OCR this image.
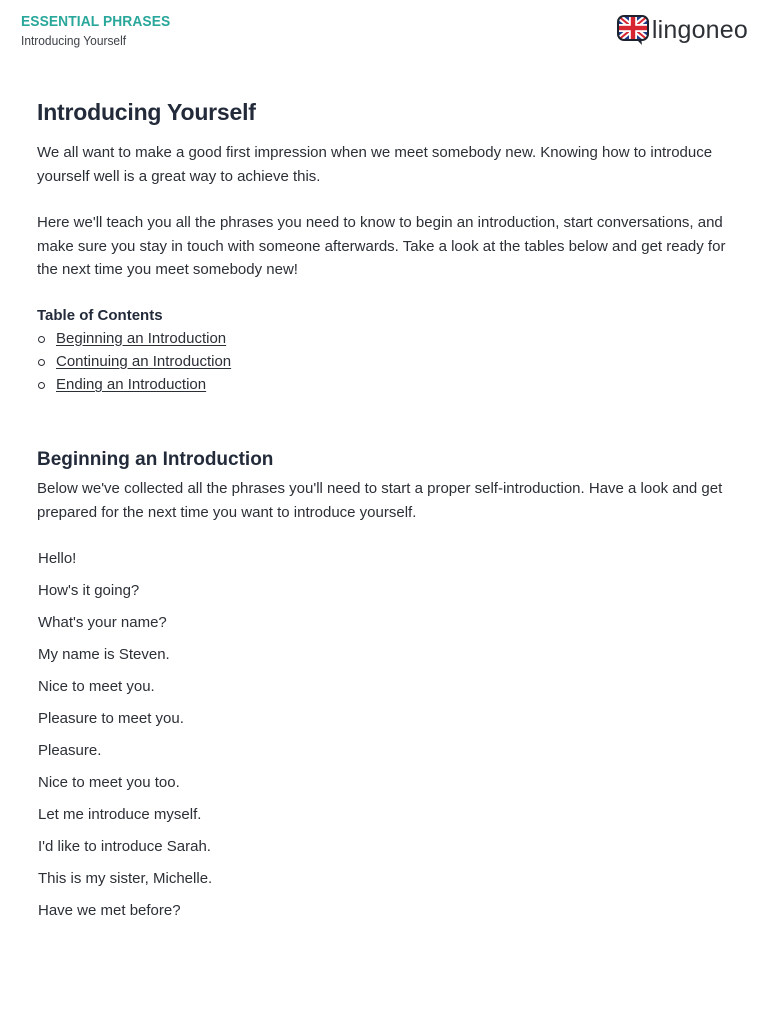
ESSENTIAL PHRASES
Introducing Yourself	lingoneo
Introducing Yourself

We all want to make a good first impression when we meet somebody new. Knowing how to introduce yourself well is a great way to achieve this.

Here we'll teach you all the phrases you need to know to begin an introduction, start conversations, and make sure you stay in touch with someone afterwards. Take a look at the tables below and get ready for the next time you meet somebody new!

Table of Contents
Beginning an Introduction
Continuing an Introduction
Ending an Introduction
Beginning an Introduction

Below we've collected all the phrases you'll need to start a proper self-introduction. Have a look and get prepared for the next time you want to introduce yourself.

Hello!
How's it going?
What's your name?
My name is Steven.
Nice to meet you.
Pleasure to meet you.
Pleasure.
Nice to meet you too.
Let me introduce myself.
I'd like to introduce Sarah.
This is my sister, Michelle.
Have we met before?
